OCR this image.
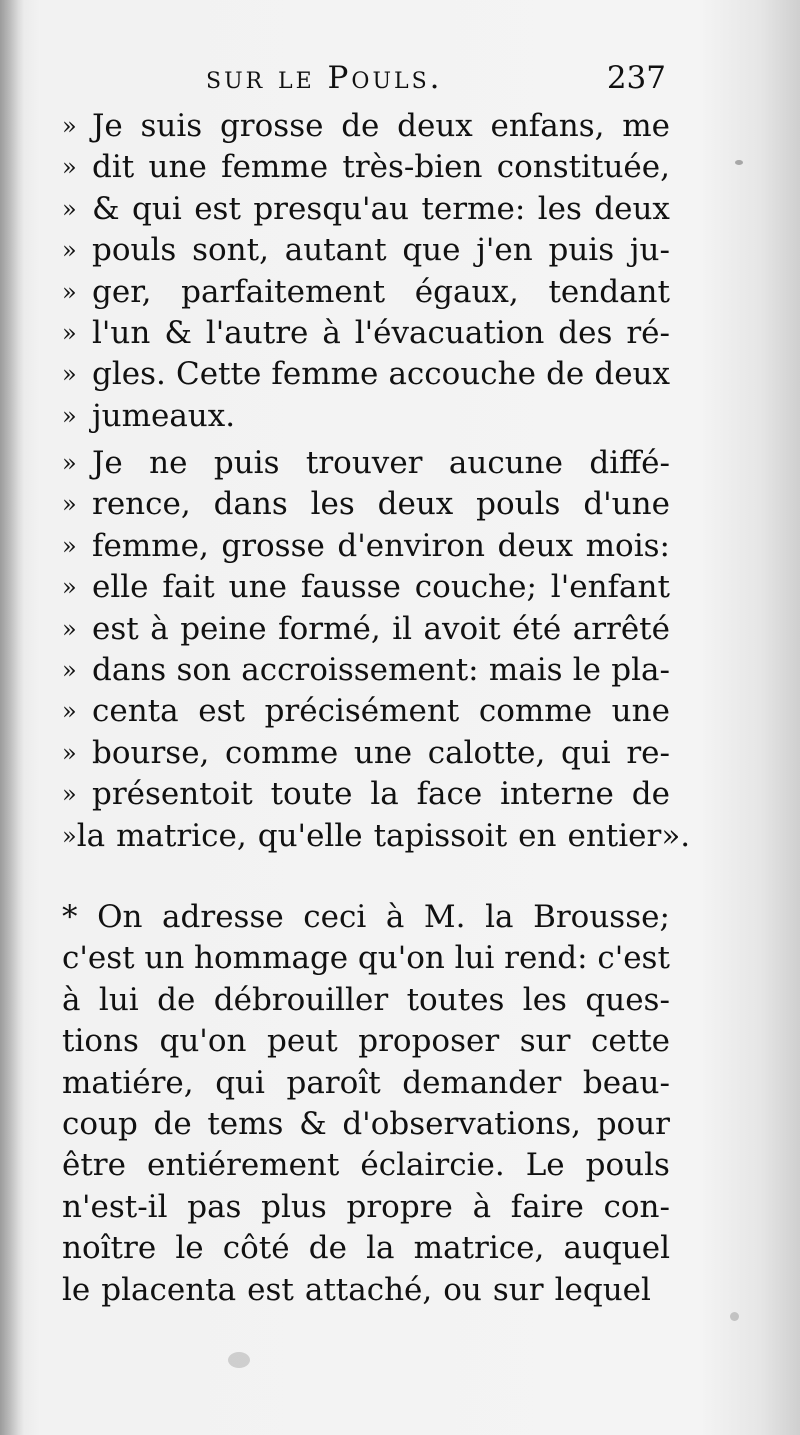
sur le Pouls.	237
» Je suis grosse de deux enfans, me
» dit une femme très-bien constituée,
» & qui est presqu'au terme: les deux
» pouls sont, autant que j'en puis ju-
» ger, parfaitement égaux, tendant
» l'un & l'autre à l'évacuation des ré-
» gles. Cette femme accouche de deux
» jumeaux.
» Je ne puis trouver aucune diffé-
» rence, dans les deux pouls d'une
» femme, grosse d'environ deux mois:
» elle fait une fausse couche; l'enfant
» est à peine formé, il avoit été arrêté
» dans son accroissement: mais le pla-
» centa est précisément comme une
» bourse, comme une calotte, qui re-
» présentoit toute la face interne de
» la matrice, qu'elle tapissoit en entier».
* On adresse ceci à M. la Brousse;
c'est un hommage qu'on lui rend: c'est
à lui de débrouiller toutes les ques-
tions qu'on peut proposer sur cette
matiére, qui paroît demander beau-
coup de tems & d'observations, pour
être entiérement éclaircie. Le pouls
n'est-il pas plus propre à faire con-
noître le côté de la matrice, auquel
le placenta est attaché, ou sur lequel
